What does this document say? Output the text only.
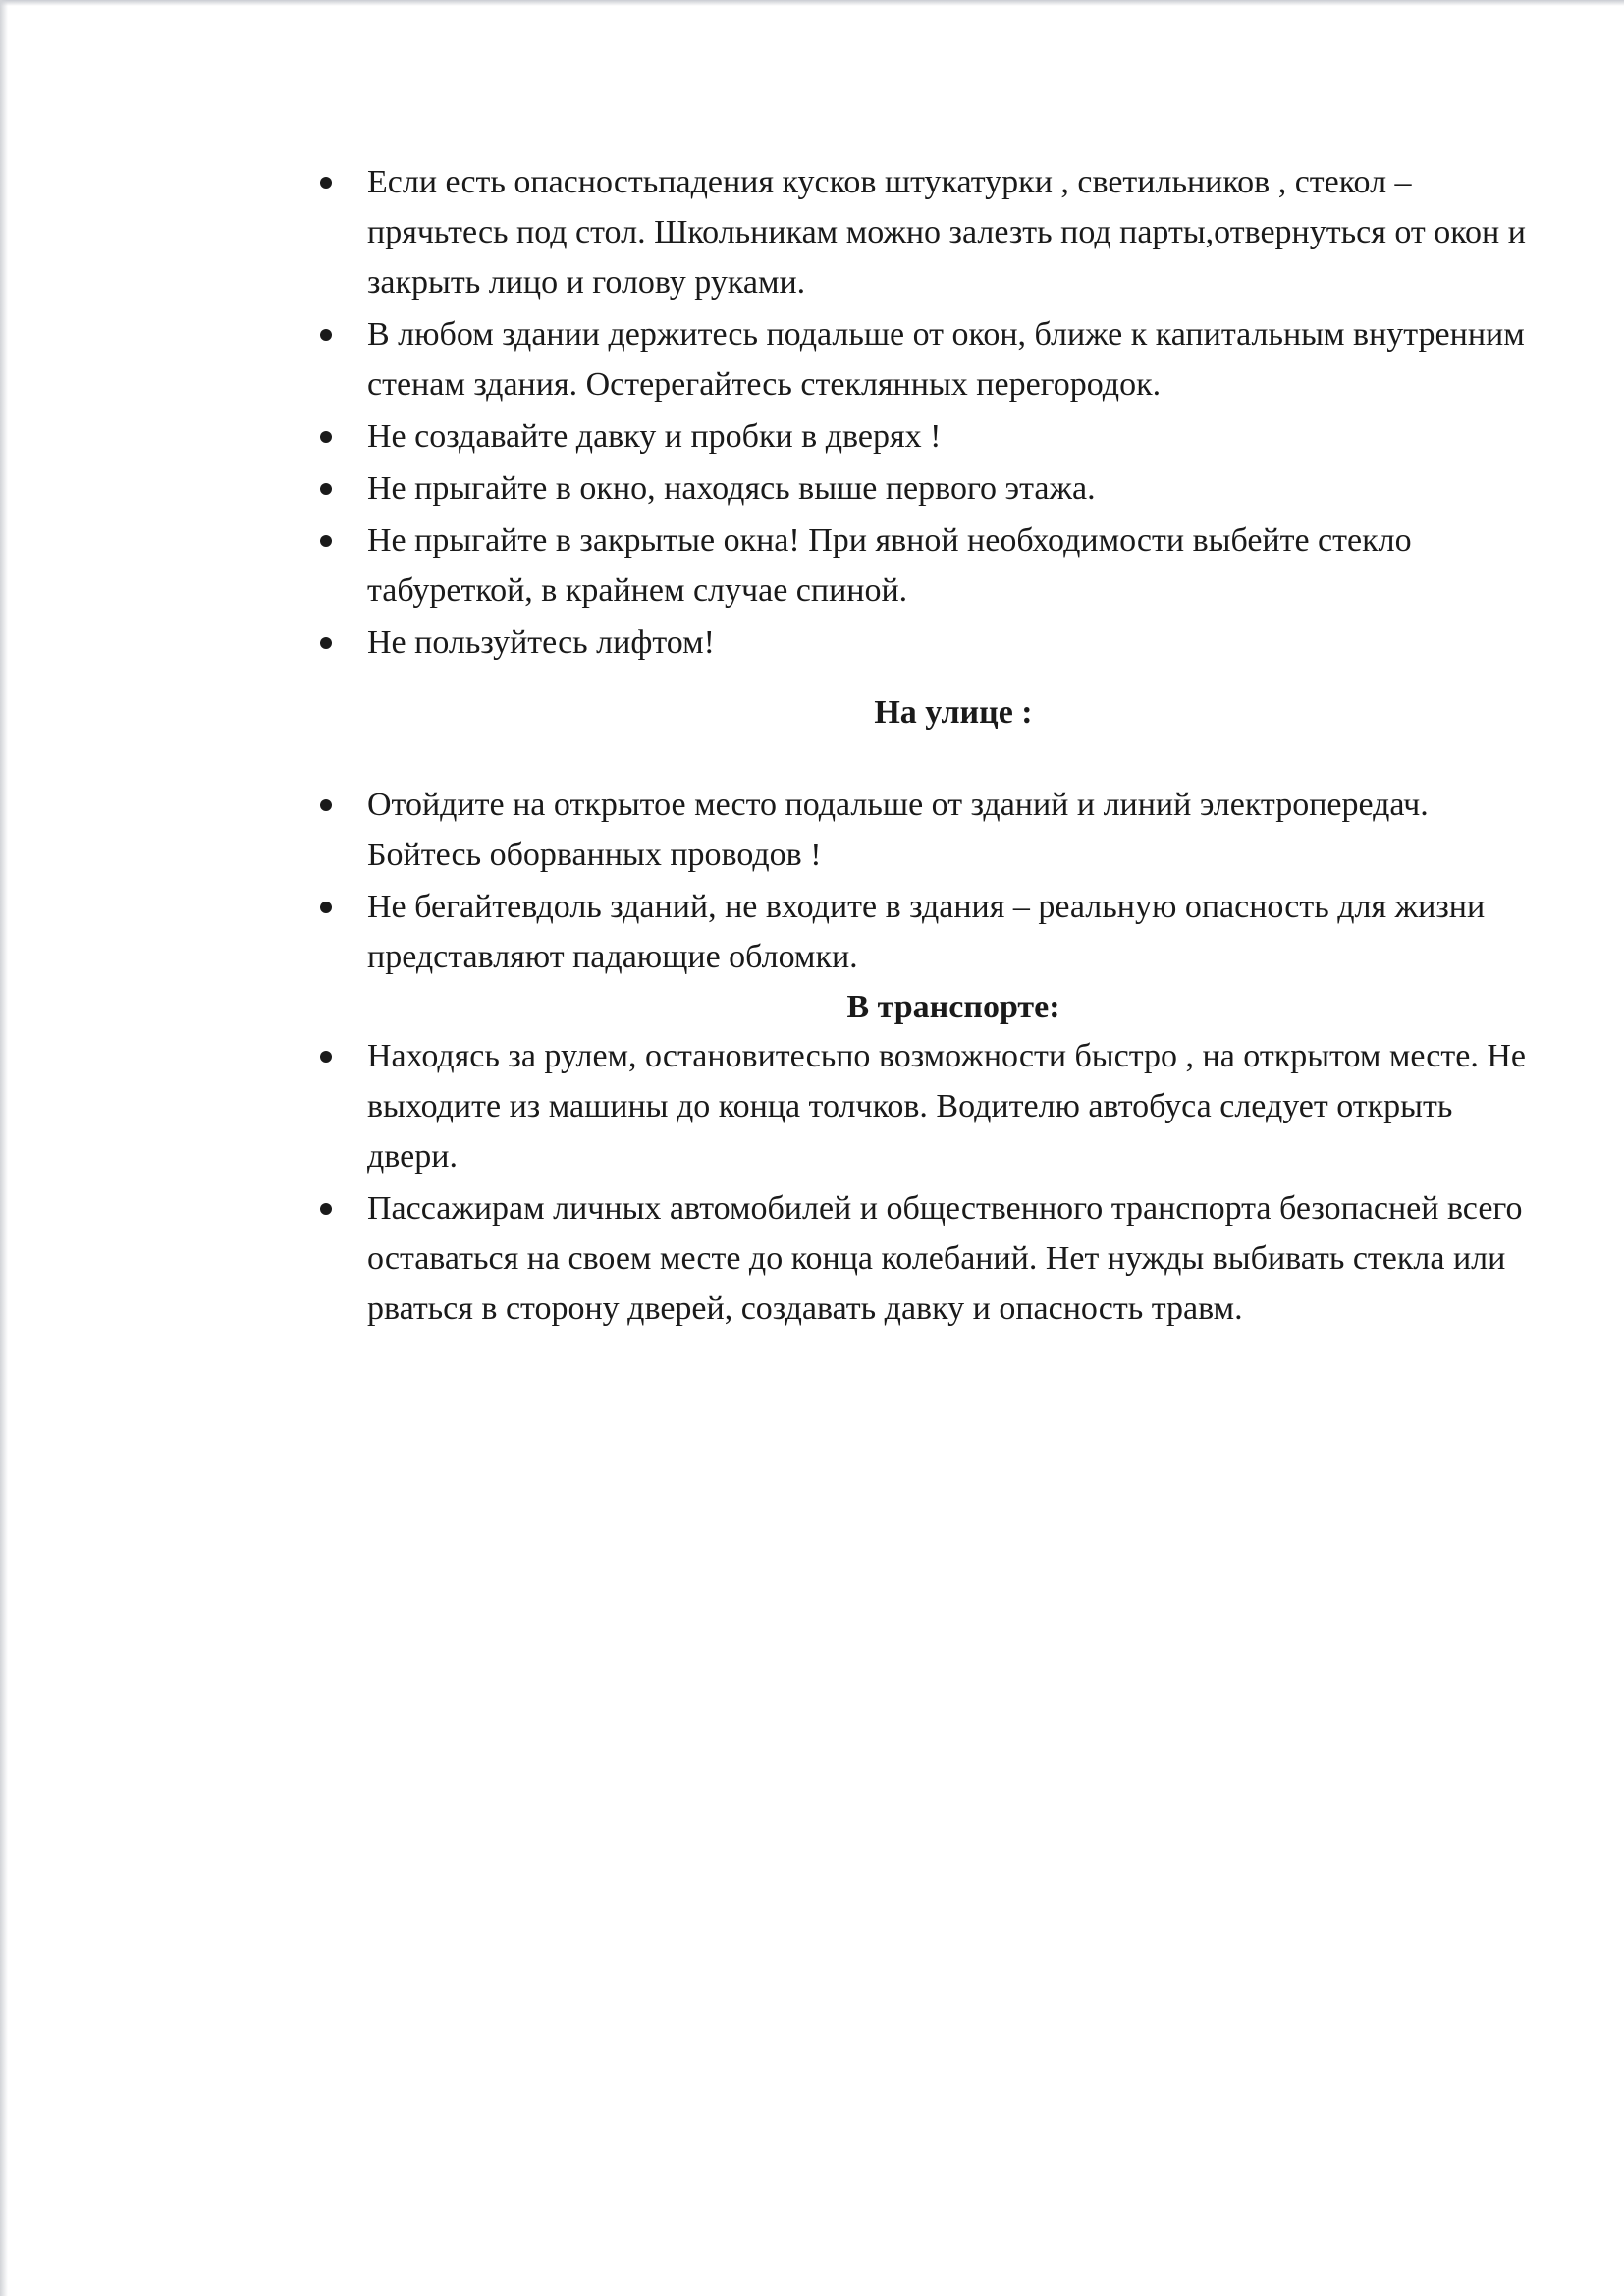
Если есть опасностьпадения кусков штукатурки , светильников , стекол – прячьтесь под стол. Школьникам можно залезть под парты,отвернуться от окон и закрыть лицо и голову руками.
В любом здании держитесь подальше от окон, ближе к капитальным внутренним стенам здания. Остерегайтесь стеклянных перегородок.
Не создавайте давку и пробки в дверях !
Не прыгайте в окно, находясь выше первого этажа.
Не прыгайте в закрытые окна! При явной необходимости выбейте стекло табуреткой, в крайнем случае спиной.
Не пользуйтесь лифтом!
На улице :
Отойдите на открытое место подальше от зданий и линий электропередач. Бойтесь оборванных проводов !
Не бегайтевдоль зданий, не входите в здания – реальную опасность для жизни представляют падающие обломки.
В транспорте:
Находясь за рулем, остановитесьпо возможности быстро , на открытом месте. Не выходите из машины до конца толчков. Водителю автобуса следует открыть двери.
Пассажирам личных автомобилей и общественного транспорта безопасней всего оставаться на своем месте до конца колебаний. Нет нужды выбивать стекла или рваться в сторону дверей, создавать давку и опасность травм.
